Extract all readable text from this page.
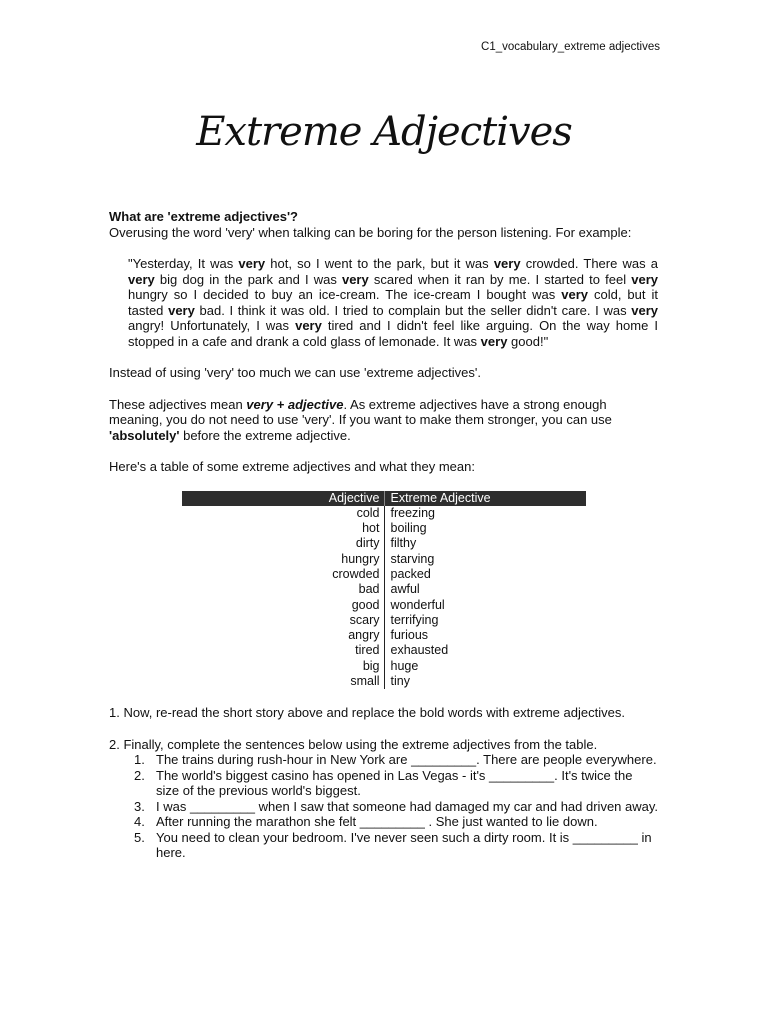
C1_vocabulary_extreme adjectives
Extreme Adjectives

What are 'extreme adjectives'?

Overusing the word 'very' when talking can be boring for the person listening. For example:

"Yesterday, It was very hot, so I went to the park, but it was very crowded. There was a very big dog in the park and I was very scared when it ran by me. I started to feel very hungry so I decided to buy an ice-cream. The ice-cream I bought was very cold, but it tasted very bad. I think it was old. I tried to complain but the seller didn't care. I was very angry! Unfortunately, I was very tired and I didn't feel like arguing. On the way home I stopped in a cafe and drank a cold glass of lemonade. It was very good!"

Instead of using 'very' too much we can use 'extreme adjectives'.

These adjectives mean very + adjective. As extreme adjectives have a strong enough meaning, you do not need to use 'very'. If you want to make them stronger, you can use 'absolutely' before the extreme adjective.

Here's a table of some extreme adjectives and what they mean:

Adjective	Extreme Adjective
cold	freezing
hot	boiling
dirty	filthy
hungry	starving
crowded	packed
bad	awful
good	wonderful
scary	terrifying
angry	furious
tired	exhausted
big	huge
small	tiny

1. Now, re-read the short story above and replace the bold words with extreme adjectives.

2. Finally, complete the sentences below using the extreme adjectives from the table.

1. The trains during rush-hour in New York are _________. There are people everywhere.
2. The world's biggest casino has opened in Las Vegas - it's _________. It's twice the size of the previous world's biggest.
3. I was _________ when I saw that someone had damaged my car and had driven away.
4. After running the marathon she felt _________ . She just wanted to lie down.
5. You need to clean your bedroom. I've never seen such a dirty room. It is _________ in here.
